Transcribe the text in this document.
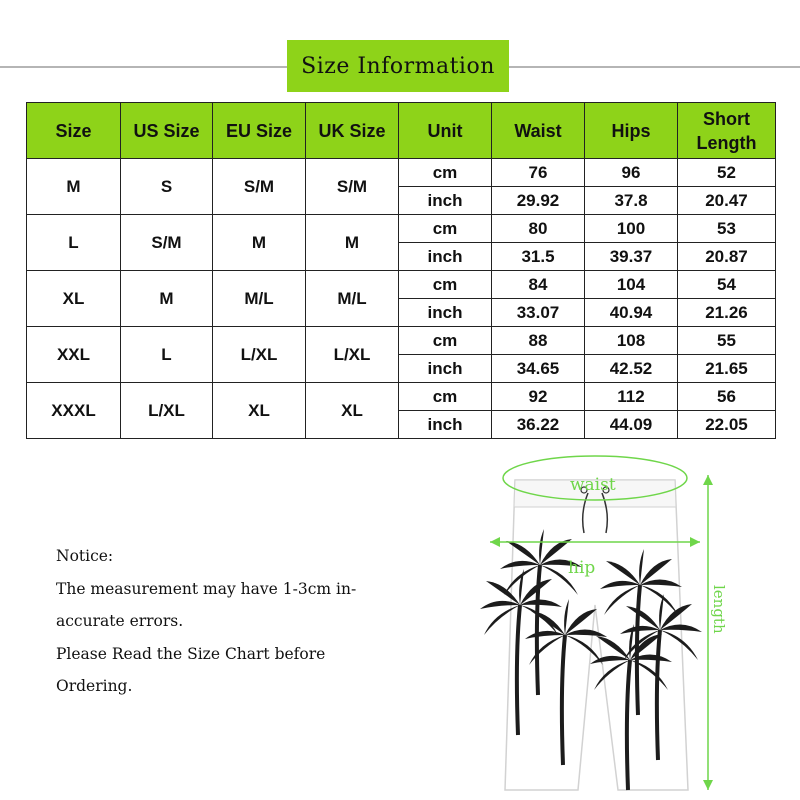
Size Information
Size	US Size	EU Size	UK Size	Unit	Waist	Hips	Short Length
M	S	S/M	S/M	cm	76	96	52
				inch	29.92	37.8	20.47
L	S/M	M	M	cm	80	100	53
				inch	31.5	39.37	20.87
XL	M	M/L	M/L	cm	84	104	54
				inch	33.07	40.94	21.26
XXL	L	L/XL	L/XL	cm	88	108	55
				inch	34.65	42.52	21.65
XXXL	L/XL	XL	XL	cm	92	112	56
				inch	36.22	44.09	22.05
Notice:
The measurement may have 1-3cm in-
accurate errors.
Please Read the Size Chart before
Ordering.
waist
hip
length
